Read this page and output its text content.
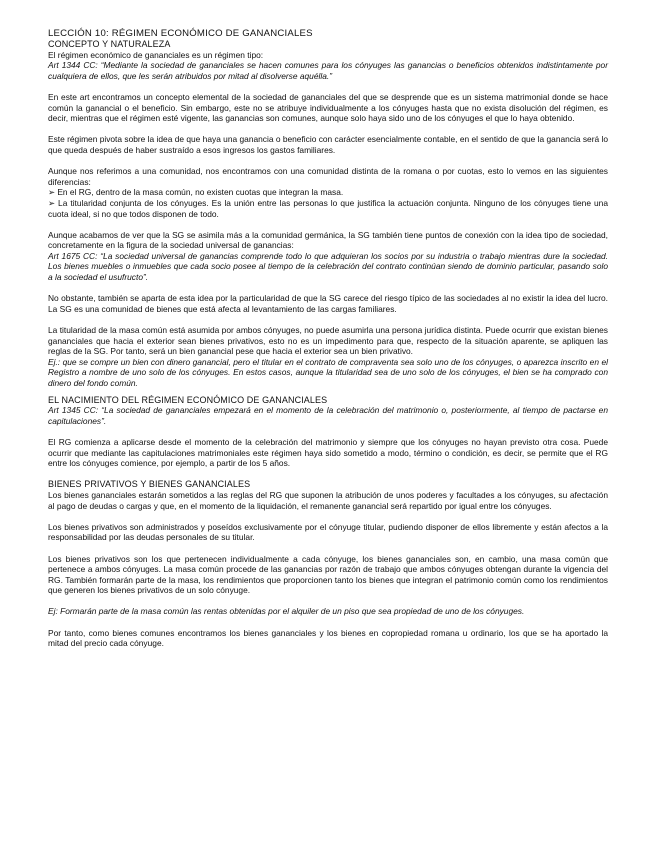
LECCIÓN 10: RÉGIMEN ECONÓMICO DE GANANCIALES
CONCEPTO Y NATURALEZA

El régimen económico de gananciales es un régimen tipo:

Art 1344 CC: “Mediante la sociedad de gananciales se hacen comunes para los cónyuges las ganancias o beneficios obtenidos indistintamente por cualquiera de ellos, que les serán atribuidos por mitad al disolverse aquélla.”

En este art encontramos un concepto elemental de la sociedad de gananciales del que se desprende que es un sistema matrimonial donde se hace común la ganancial o el beneficio. Sin embargo, este no se atribuye individualmente a los cónyuges hasta que no exista disolución del régimen, es decir, mientras que el régimen esté vigente, las ganancias son comunes, aunque solo haya sido uno de los cónyuges el que lo haya obtenido.

Este régimen pivota sobre la idea de que haya una ganancia o beneficio con carácter esencialmente contable, en el sentido de que la ganancia será lo que queda después de haber sustraído a esos ingresos los gastos familiares.

Aunque nos referimos a una comunidad, nos encontramos con una comunidad distinta de la romana o por cuotas, esto lo vemos en las siguientes diferencias:

➢ En el RG, dentro de la masa común, no existen cuotas que integran la masa.

➢ La titularidad conjunta de los cónyuges. Es la unión entre las personas lo que justifica la actuación conjunta. Ninguno de los cónyuges tiene una cuota ideal, si no que todos disponen de todo.

Aunque acabamos de ver que la SG se asimila más a la comunidad germánica, la SG también tiene puntos de conexión con la idea tipo de sociedad, concretamente en la figura de la sociedad universal de ganancias:

Art 1675 CC: “La sociedad universal de ganancias comprende todo lo que adquieran los socios por su industria o trabajo mientras dure la sociedad. Los bienes muebles o inmuebles que cada socio posee al tiempo de la celebración del contrato continúan siendo de dominio particular, pasando solo a la sociedad el usufructo”.

No obstante, también se aparta de esta idea por la particularidad de que la SG carece del riesgo típico de las sociedades al no existir la idea del lucro. La SG es una comunidad de bienes que está afecta al levantamiento de las cargas familiares.

La titularidad de la masa común está asumida por ambos cónyuges, no puede asumirla una persona jurídica distinta. Puede ocurrir que existan bienes gananciales que hacia el exterior sean bienes privativos, esto no es un impedimento para que, respecto de la situación aparente, se apliquen las reglas de la SG. Por tanto, será un bien ganancial pese que hacia el exterior sea un bien privativo.

Ej.: que se compre un bien con dinero ganancial, pero el titular en el contrato de compraventa sea solo uno de los cónyuges, o aparezca inscrito en el Registro a nombre de uno solo de los cónyuges. En estos casos, aunque la titularidad sea de uno solo de los cónyuges, el bien se ha comprado con dinero del fondo común.

EL NACIMIENTO DEL RÉGIMEN ECONÓMICO DE GANANCIALES

Art 1345 CC: “La sociedad de gananciales empezará en el momento de la celebración del matrimonio o, posteriormente, al tiempo de pactarse en capitulaciones”.

El RG comienza a aplicarse desde el momento de la celebración del matrimonio y siempre que los cónyuges no hayan previsto otra cosa. Puede ocurrir que mediante las capitulaciones matrimoniales este régimen haya sido sometido a modo, término o condición, es decir, se permite que el RG entre los cónyuges comience, por ejemplo, a partir de los 5 años.

BIENES PRIVATIVOS Y BIENES GANANCIALES

Los bienes gananciales estarán sometidos a las reglas del RG que suponen la atribución de unos poderes y facultades a los cónyuges, su afectación al pago de deudas o cargas y que, en el momento de la liquidación, el remanente ganancial será repartido por igual entre los cónyuges.

Los bienes privativos son administrados y poseídos exclusivamente por el cónyuge titular, pudiendo disponer de ellos libremente y están afectos a la responsabilidad por las deudas personales de su titular.

Los bienes privativos son los que pertenecen individualmente a cada cónyuge, los bienes gananciales son, en cambio, una masa común que pertenece a ambos cónyuges. La masa común procede de las ganancias por razón de trabajo que ambos cónyuges obtengan durante la vigencia del RG. También formarán parte de la masa, los rendimientos que proporcionen tanto los bienes que integran el patrimonio común como los rendimientos que generen los bienes privativos de un solo cónyuge.

Ej: Formarán parte de la masa común las rentas obtenidas por el alquiler de un piso que sea propiedad de uno de los cónyuges.

Por tanto, como bienes comunes encontramos los bienes gananciales y los bienes en copropiedad romana u ordinario, los que se ha aportado la mitad del precio cada cónyuge.
